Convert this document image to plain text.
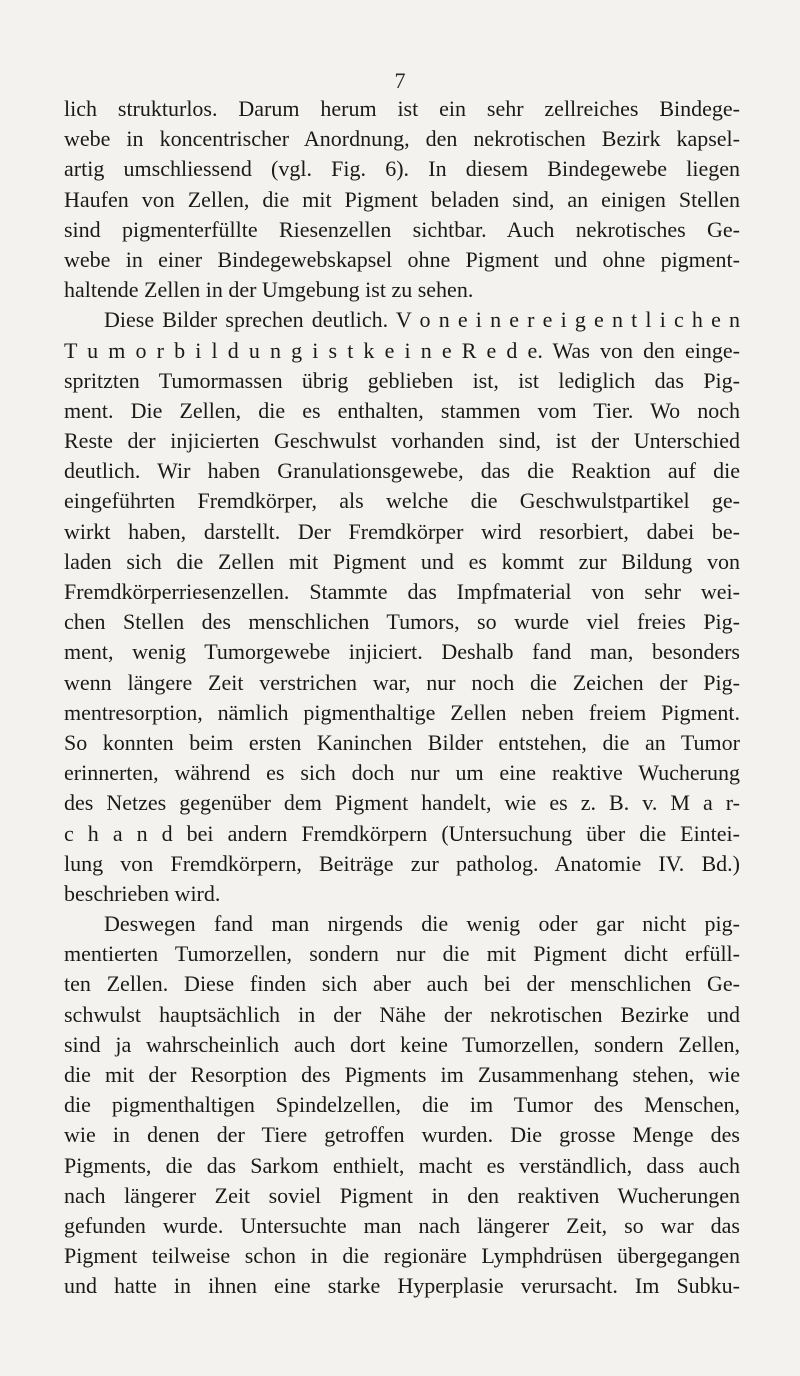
7
lich strukturlos. Darum herum ist ein sehr zellreiches Bindege-
webe in koncentrischer Anordnung, den nekrotischen Bezirk kapsel-
artig umschliessend (vgl. Fig. 6). In diesem Bindegewebe liegen
Haufen von Zellen, die mit Pigment beladen sind, an einigen Stellen
sind pigmenterfüllte Riesenzellen sichtbar. Auch nekrotisches Ge-
webe in einer Bindegewebskapsel ohne Pigment und ohne pigment-
haltende Zellen in der Umgebung ist zu sehen.
Diese Bilder sprechen deutlich. V o n e i n e r e i g e n t l i c h e n
T u m o r b i l d u n g i s t k e i n e R e d e. Was von den einge-
spritzten Tumormassen übrig geblieben ist, ist lediglich das Pig-
ment. Die Zellen, die es enthalten, stammen vom Tier. Wo noch
Reste der injicierten Geschwulst vorhanden sind, ist der Unterschied
deutlich. Wir haben Granulationsgewebe, das die Reaktion auf die
eingeführten Fremdkörper, als welche die Geschwulstpartikel ge-
wirkt haben, darstellt. Der Fremdkörper wird resorbiert, dabei be-
laden sich die Zellen mit Pigment und es kommt zur Bildung von
Fremdkörperriesenzellen. Stammte das Impfmaterial von sehr wei-
chen Stellen des menschlichen Tumors, so wurde viel freies Pig-
ment, wenig Tumorgewebe injiciert. Deshalb fand man, besonders
wenn längere Zeit verstrichen war, nur noch die Zeichen der Pig-
mentresorption, nämlich pigmenthaltige Zellen neben freiem Pigment.
So konnten beim ersten Kaninchen Bilder entstehen, die an Tumor
erinnerten, während es sich doch nur um eine reaktive Wucherung
des Netzes gegenüber dem Pigment handelt, wie es z. B. v. M a r-
c h a n d bei andern Fremdkörpern (Untersuchung über die Eintei-
lung von Fremdkörpern, Beiträge zur patholog. Anatomie IV. Bd.)
beschrieben wird.
Deswegen fand man nirgends die wenig oder gar nicht pig-
mentierten Tumorzellen, sondern nur die mit Pigment dicht erfüll-
ten Zellen. Diese finden sich aber auch bei der menschlichen Ge-
schwulst hauptsächlich in der Nähe der nekrotischen Bezirke und
sind ja wahrscheinlich auch dort keine Tumorzellen, sondern Zellen,
die mit der Resorption des Pigments im Zusammenhang stehen, wie
die pigmenthaltigen Spindelzellen, die im Tumor des Menschen,
wie in denen der Tiere getroffen wurden. Die grosse Menge des
Pigments, die das Sarkom enthielt, macht es verständlich, dass auch
nach längerer Zeit soviel Pigment in den reaktiven Wucherungen
gefunden wurde. Untersuchte man nach längerer Zeit, so war das
Pigment teilweise schon in die regionäre Lymphdrüsen übergegangen
und hatte in ihnen eine starke Hyperplasie verursacht. Im Subku-
